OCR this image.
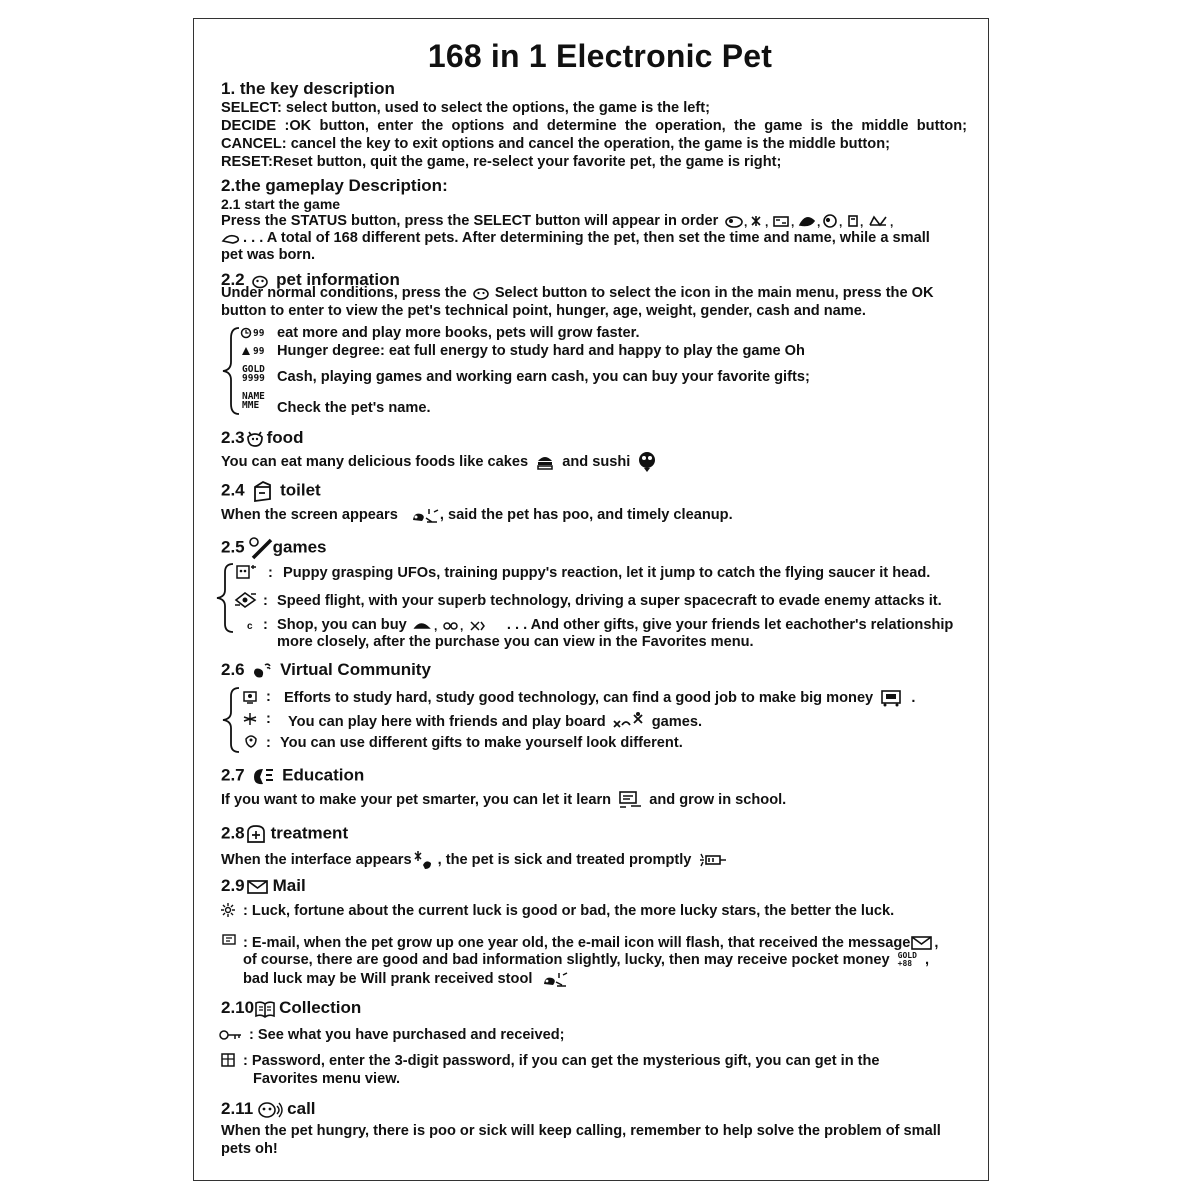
168 in 1 Electronic Pet
1. the key description
SELECT: select button, used to select the options, the game is the left;
DECIDE :OK button, enter the options and determine the operation, the game is the middle button;
CANCEL: cancel the key to exit options and cancel the operation, the game is the middle button;
RESET:Reset button, quit the game, re-select your favorite pet, the game is right;
2.the gameplay Description:
2.1 start the game
Press the STATUS button, press the SELECT button will appear in order , , , , , , ,
. . . A total of 168 different pets. After determining the pet, then set the time and name, while a small
pet was born.
2.2 pet information
Under normal conditions, press the Select button to select the icon in the main menu, press the OK
button to enter to view the pet's technical point, hunger, age, weight, gender, cash and name.
99 eat more and play more books, pets will grow faster.
99 Hunger degree: eat full energy to study hard and happy to play the game Oh
GOLD
9999 Cash, playing games and working earn cash, you can buy your favorite gifts;
NAME
MME	Check the pet's name.
2.3 food
You can eat many delicious foods like cakes and sushi
2.4 toilet
When the screen appears	, said the pet has poo, and timely cleanup.
2.5 games
: Puppy grasping UFOs, training puppy's reaction, let it jump to catch the flying saucer it head.
: Speed flight, with your superb technology, driving a super spacecraft to evade enemy attacks it.
c : Shop, you can buy , ,	. . . And other gifts, give your friends let eachother's relationship
more closely, after the purchase you can view in the Favorites menu.
2.6 Virtual Community
: Efforts to study hard, study good technology, can find a good job to make big money	.
: You can play here with friends and play board	games.
: You can use different gifts to make yourself look different.
2.7 Education
If you want to make your pet smarter, you can let it learn	and grow in school.
2.8 treatment
When the interface appears , the pet is sick and treated promptly
2.9 Mail
: Luck, fortune about the current luck is good or bad, the more lucky stars, the better the luck.
: E-mail, when the pet grow up one year old, the e-mail icon will flash, that received the message ,
of course, there are good and bad information slightly, lucky, then may receive pocket money GOLD
+88 ,
bad luck may be Will prank received stool
2.10 Collection
: See what you have purchased and received;
: Password, enter the 3-digit password, if you can get the mysterious gift, you can get in the
Favorites menu view.
2.11 call
When the pet hungry, there is poo or sick will keep calling, remember to help solve the problem of small
pets oh!
